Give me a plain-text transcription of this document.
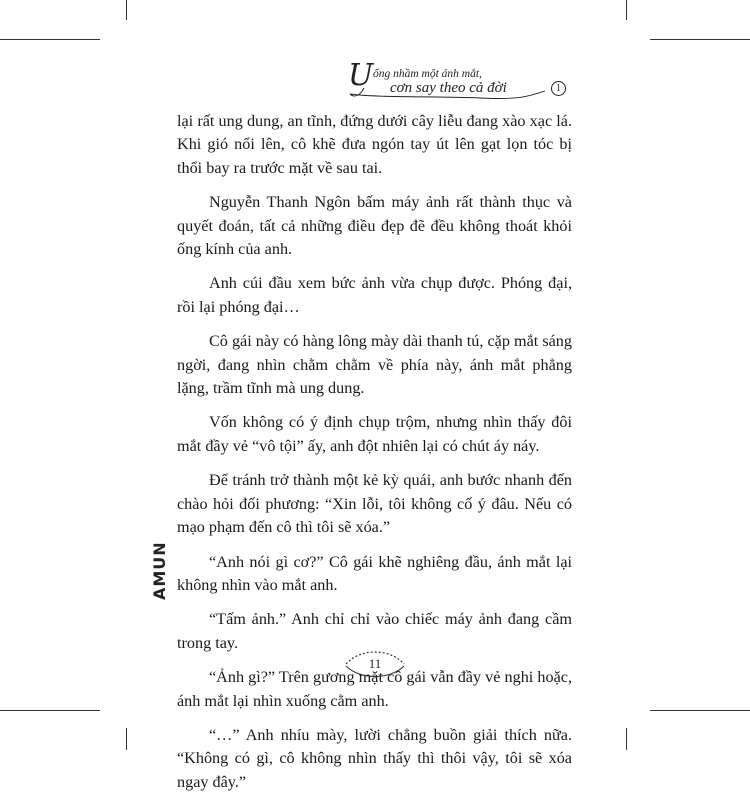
U ống nhầm một ánh mắt,
cơn say theo cả đời	1

lại rất ung dung, an tĩnh, đứng dưới cây liễu đang xào xạc lá. Khi gió nổi lên, cô khẽ đưa ngón tay út lên gạt lọn tóc bị thổi bay ra trước mặt về sau tai.

Nguyễn Thanh Ngôn bấm máy ảnh rất thành thục và quyết đoán, tất cả những điều đẹp đẽ đều không thoát khỏi ống kính của anh.

Anh cúi đầu xem bức ảnh vừa chụp được. Phóng đại, rồi lại phóng đại…

Cô gái này có hàng lông mày dài thanh tú, cặp mắt sáng ngời, đang nhìn chằm chằm về phía này, ánh mắt phẳng lặng, trầm tĩnh mà ung dung.

Vốn không có ý định chụp trộm, nhưng nhìn thấy đôi mắt đầy vẻ “vô tội” ấy, anh đột nhiên lại có chút áy náy.

Để tránh trở thành một kẻ kỳ quái, anh bước nhanh đến chào hỏi đối phương: “Xin lỗi, tôi không cố ý đâu. Nếu có mạo phạm đến cô thì tôi sẽ xóa.”

“Anh nói gì cơ?” Cô gái khẽ nghiêng đầu, ánh mắt lại không nhìn vào mắt anh.

“Tấm ảnh.” Anh chỉ chỉ vào chiếc máy ảnh đang cầm trong tay.

“Ảnh gì?” Trên gương mặt cô gái vẫn đầy vẻ nghi hoặc, ánh mắt lại nhìn xuống cằm anh.

“…” Anh nhíu mày, lười chẳng buồn giải thích nữa. “Không có gì, cô không nhìn thấy thì thôi vậy, tôi sẽ xóa ngay đây.”

AMUN
11
